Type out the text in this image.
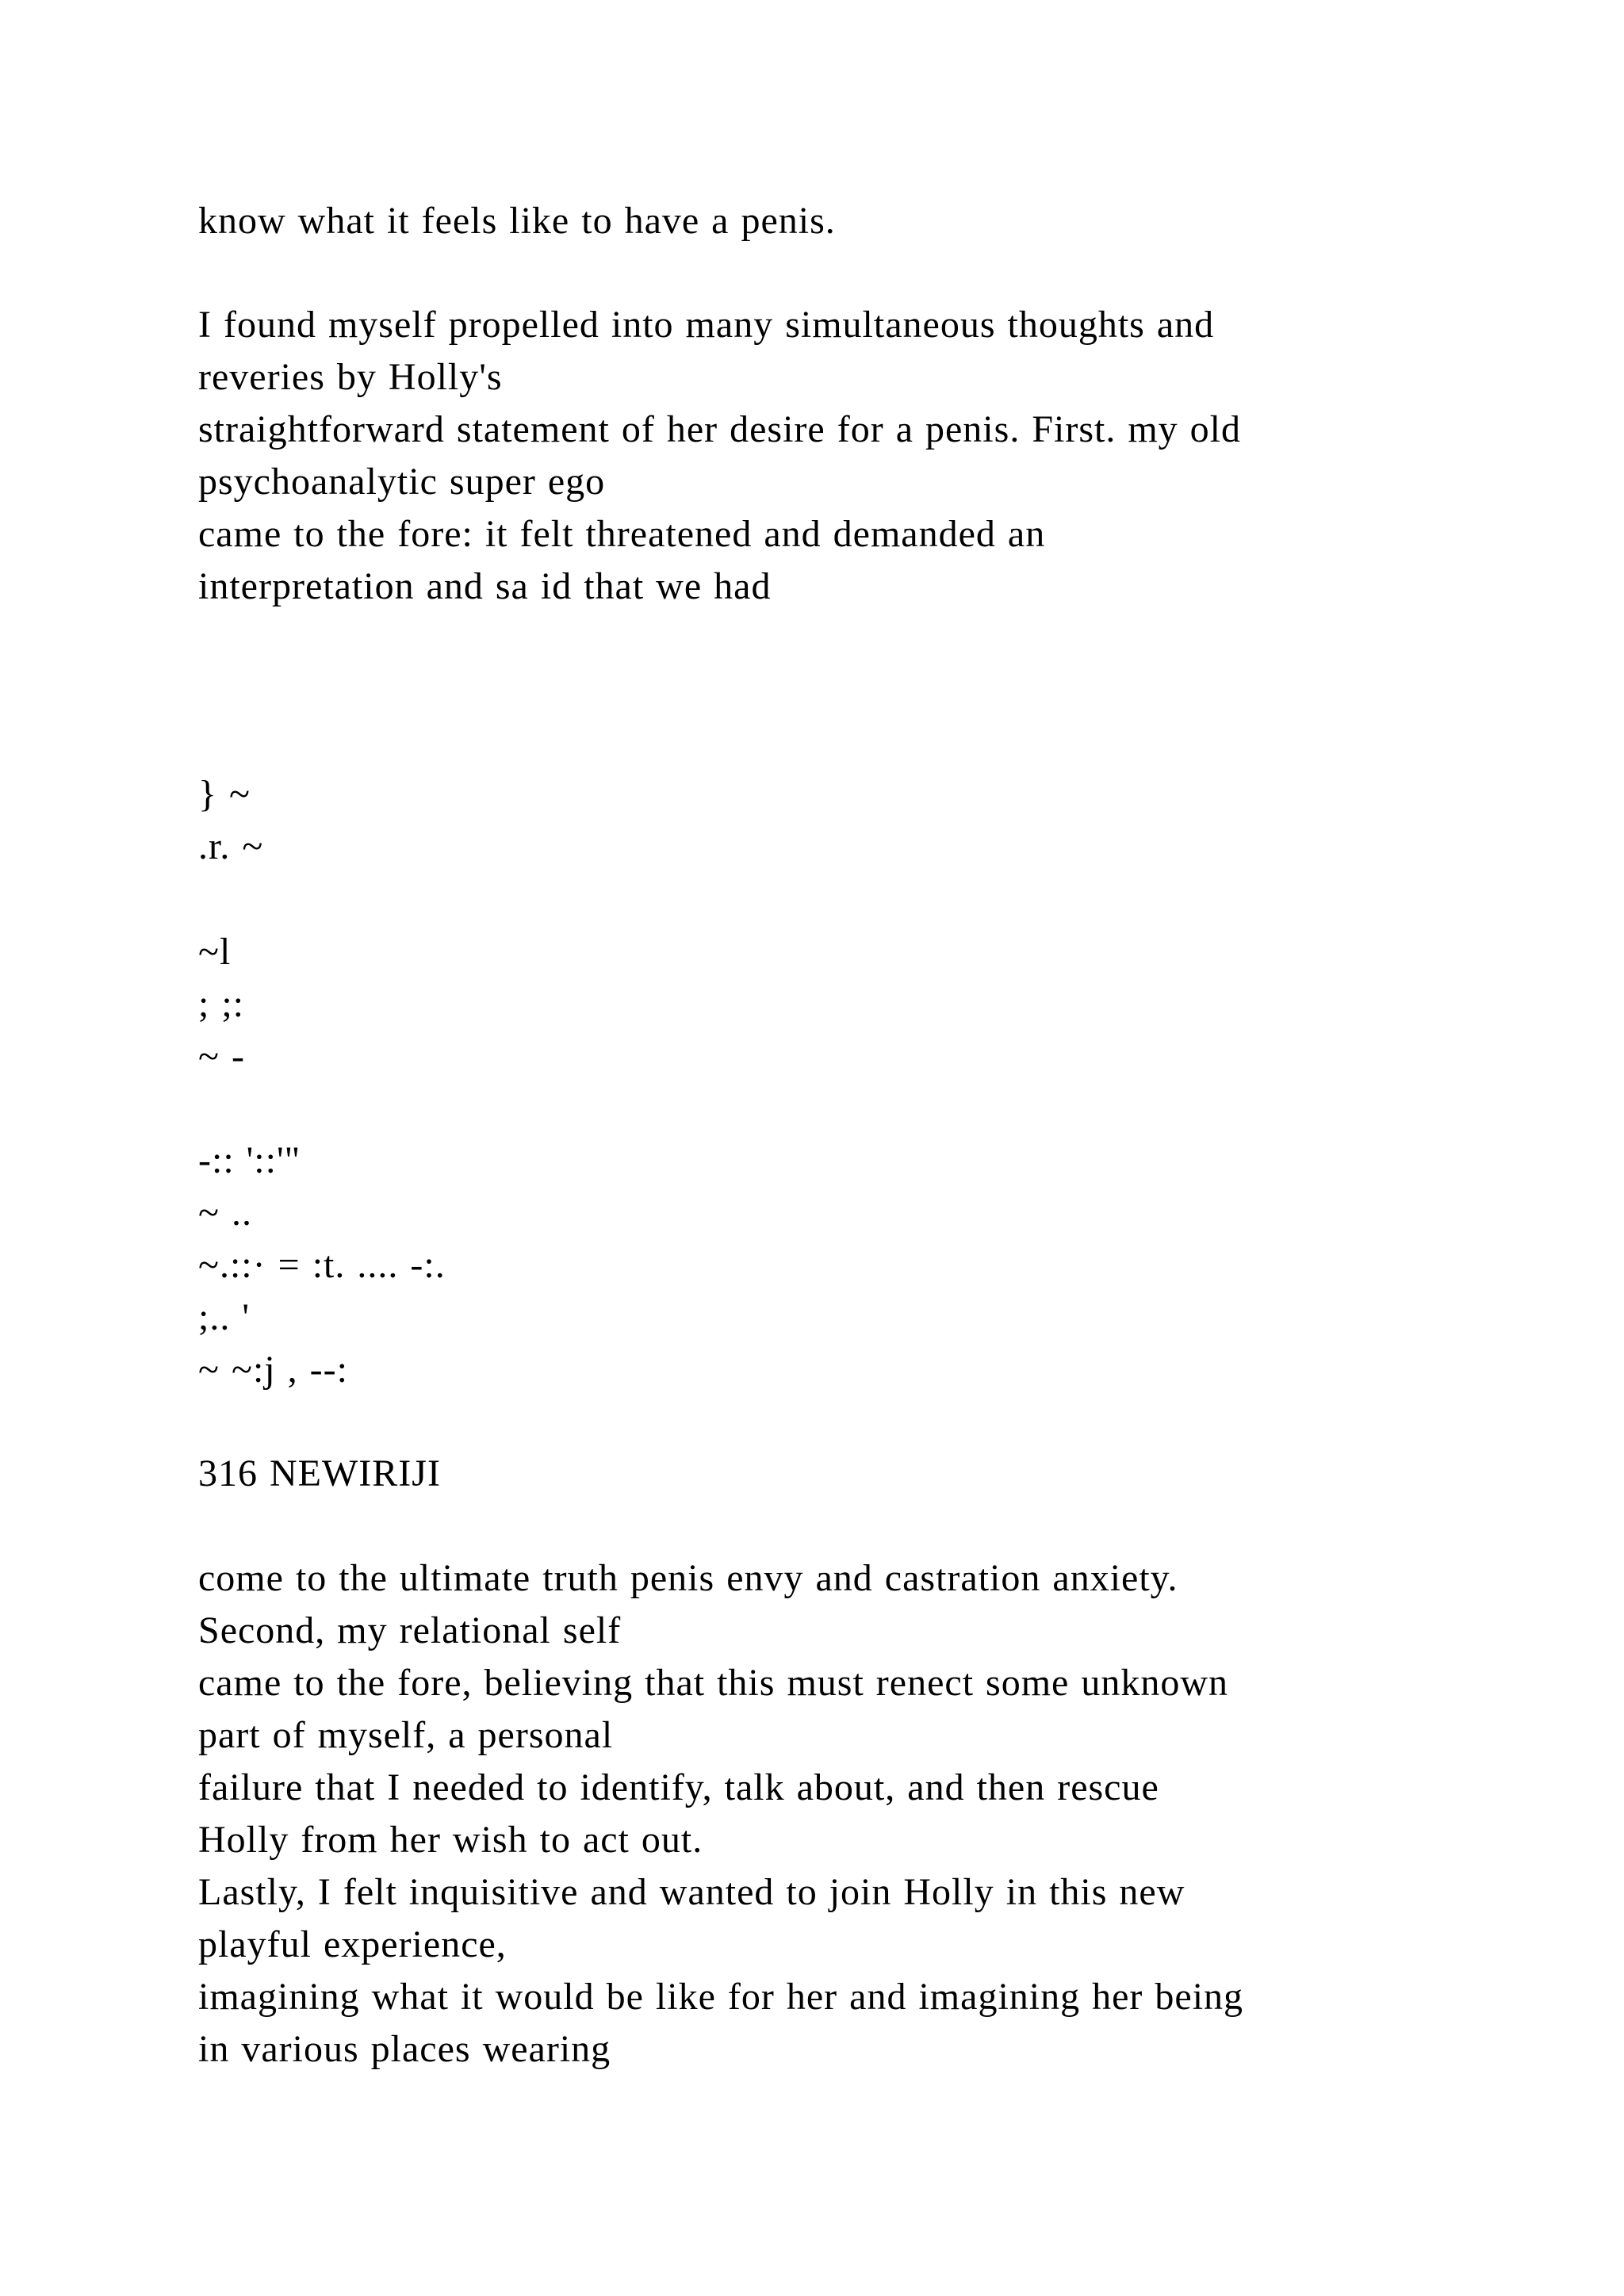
know what it feels like to have a penis.
I found myself propelled into many simultaneous thoughts and
reveries by Holly's
straightforward statement of her desire for a penis. First. my old
psychoanalytic super ego
came to the fore: it felt threatened and demanded an
interpretation and sa id that we had
} ~
.r. ~
~l
; ;:
~ -
-:: '::'"
~ ..
~.::· = :t. .... -:.
;.. '
~ ~:j , --:
316 NEWIRIJI
come to the ultimate truth penis envy and castration anxiety.
Second, my relational self
came to the fore, believing that this must renect some unknown
part of myself, a personal
failure that I needed to identify, talk about, and then rescue
Holly from her wish to act out.
Lastly, I felt inquisitive and wanted to join Holly in this new
playful experience,
imagining what it would be like for her and imagining her being
in various places wearing
